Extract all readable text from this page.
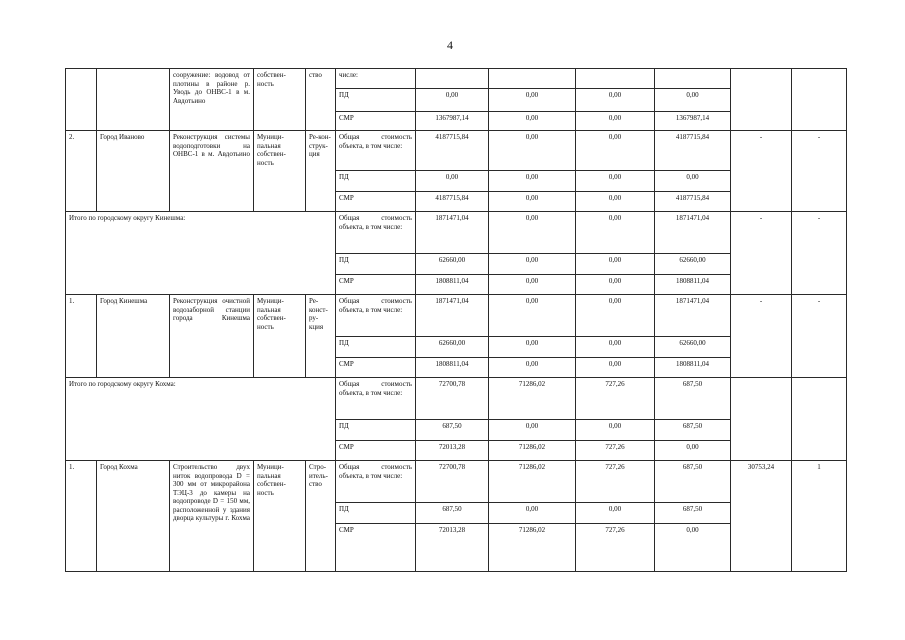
4
		сооружение: водовод от плотины в районе р. Уводь до ОНВС-1 в м. Авдотьино	собствен-ность	ство	числе:						
					ПД	0,00	0,00	0,00	0,00		
					СМР	1367987,14	0,00	0,00	1367987,14		
2.	Город Иваново	Реконструкция системы водоподготовки на ОНВС-1 в м. Авдотьино	Муници-пальная собствен-ность	Ре-кон-струк-ция	Общая стоимость объекта, в том числе:	4187715,84	0,00	0,00	4187715,84	-	-
					ПД	0,00	0,00	0,00	0,00		
					СМР	4187715,84	0,00	0,00	4187715,84		
Итого по городскому округу Кинешма:					Общая стоимость объекта, в том числе:	1871471,04	0,00	0,00	1871471,04	-	-
					ПД	62660,00	0,00	0,00	62660,00		
					СМР	1808811,04	0,00	0,00	1808811,04		
1.	Город Кинешма	Реконструкция очистной водозаборной станции города Кинешма	Муници-пальная собствен-ность	Ре-конст-ру-кция	Общая стоимость объекта, в том числе:	1871471,04	0,00	0,00	1871471,04	-	-
					ПД	62660,00	0,00	0,00	62660,00		
					СМР	1808811,04	0,00	0,00	1808811,04		
Итого по городскому округу Кохма:					Общая стоимость объекта, в том числе:	72700,78	71286,02	727,26	687,50		
					ПД	687,50	0,00	0,00	687,50		
					СМР	72013,28	71286,02	727,26	0,00		
1.	Город Кохма	Строительство двух ниток водопровода D = 300 мм от микрорайона ТЭЦ-3 до камеры на водопроводе D = 150 мм, расположенной у здания дворца культуры г. Кохма	Муници-пальная собствен-ность	Стро-итель-ство	Общая стоимость объекта, в том числе:	72700,78	71286,02	727,26	687,50	30753,24	1
					ПД	687,50	0,00	0,00	687,50		
					СМР	72013,28	71286,02	727,26	0,00		
